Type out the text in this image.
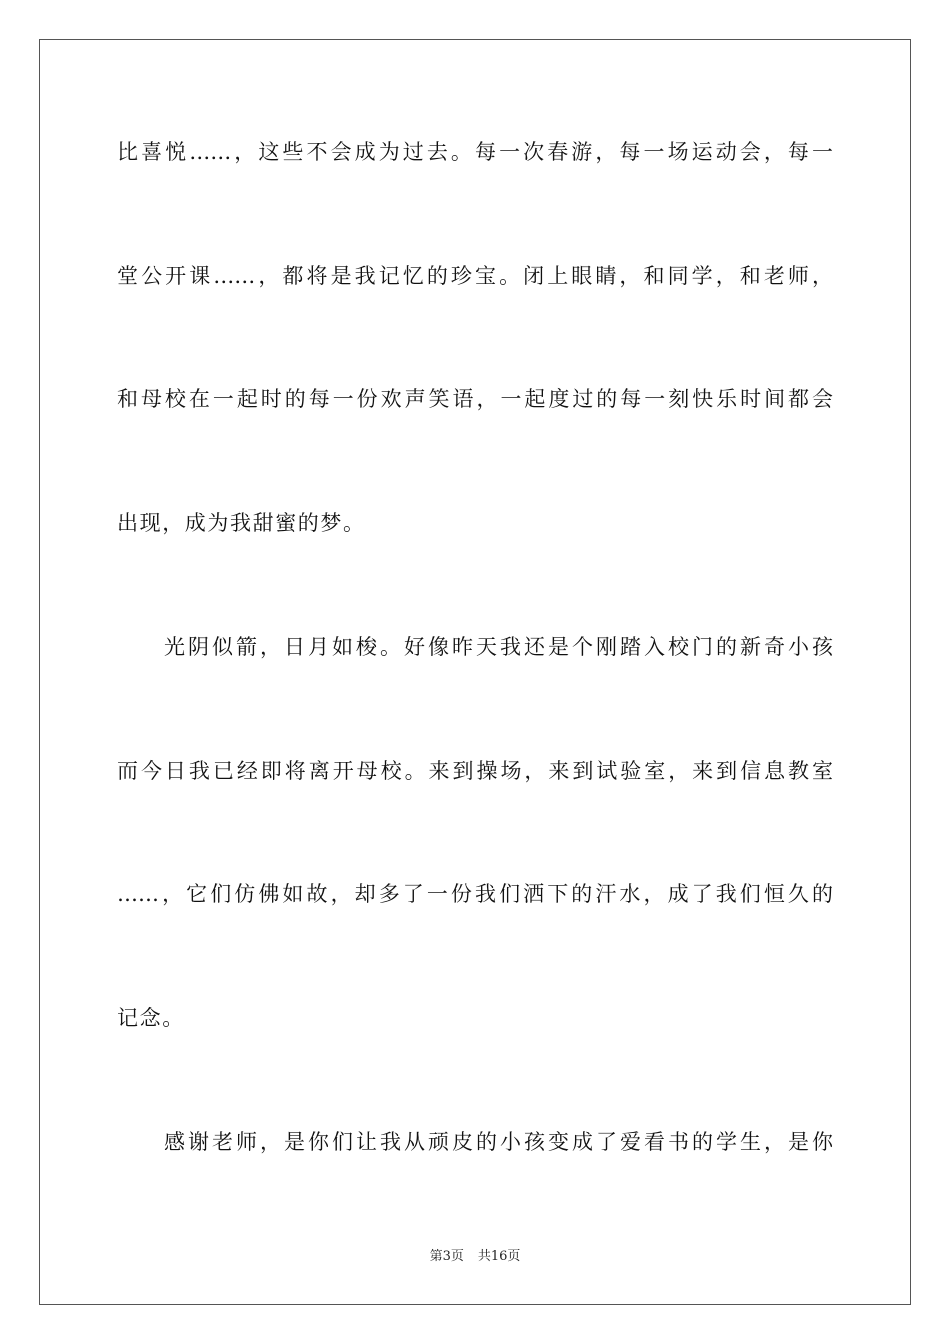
比喜悦……，这些不会成为过去。每一次春游，每一场运动会，每一
堂公开课……，都将是我记忆的珍宝。闭上眼睛，和同学，和老师，
和母校在一起时的每一份欢声笑语，一起度过的每一刻快乐时间都会
出现，成为我甜蜜的梦。
光阴似箭，日月如梭。好像昨天我还是个刚踏入校门的新奇小孩
而今日我已经即将离开母校。来到操场，来到试验室，来到信息教室
……，它们仿佛如故，却多了一份我们洒下的汗水，成了我们恒久的
记念。
感谢老师，是你们让我从顽皮的小孩变成了爱看书的学生，是你
第3页 共16页
